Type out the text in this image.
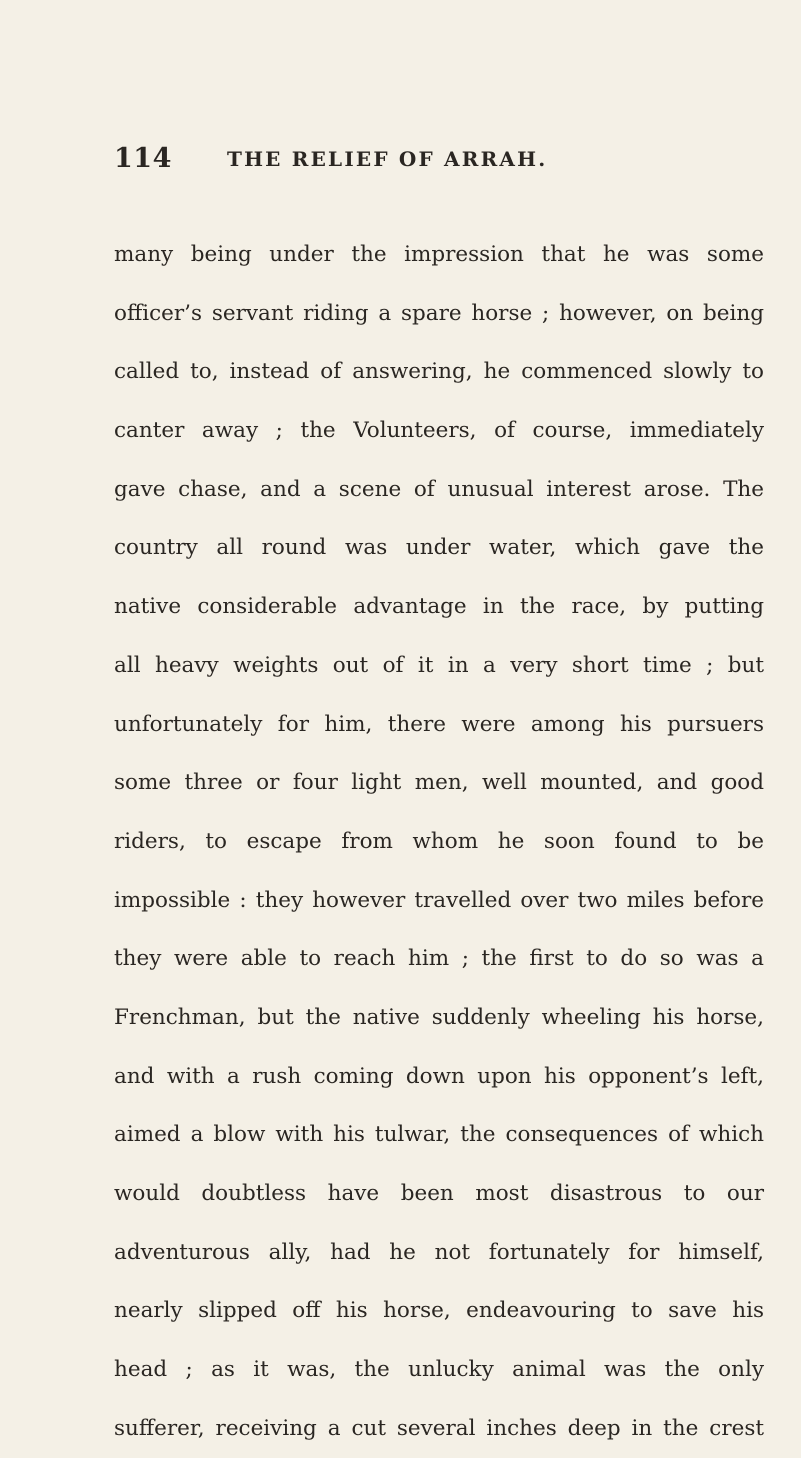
114	THE RELIEF OF ARRAH.
many being under the impression that he was some
officer’s servant riding a spare horse ; however, on being
called to, instead of answering, he commenced slowly to
canter away ; the Volunteers, of course, immediately
gave chase, and a scene of unusual interest arose. The
country all round was under water, which gave the
native considerable advantage in the race, by putting
all heavy weights out of it in a very short time ; but
unfortunately for him, there were among his pursuers
some three or four light men, well mounted, and good
riders, to escape from whom he soon found to be
impossible : they however travelled over two miles before
they were able to reach him ; the first to do so was a
Frenchman, but the native suddenly wheeling his horse,
and with a rush coming down upon his opponent’s left,
aimed a blow with his tulwar, the consequences of which
would doubtless have been most disastrous to our
adventurous ally, had he not fortunately for himself,
nearly slipped off his horse, endeavouring to save his
head ; as it was, the unlucky animal was the only
sufferer, receiving a cut several inches deep in the crest
